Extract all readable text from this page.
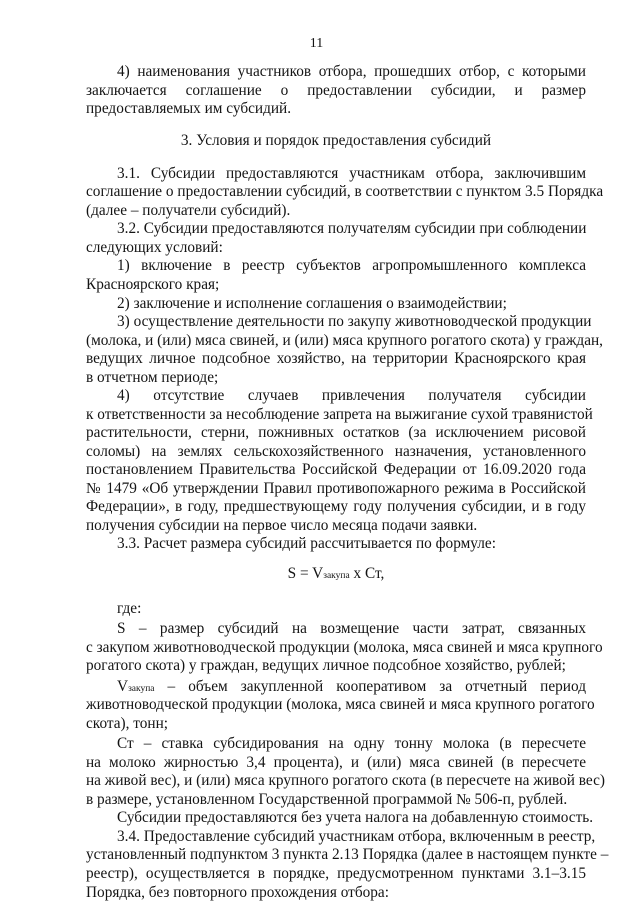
11
4) наименования участников отбора, прошедших отбор, с которыми
заключается соглашение о предоставлении субсидии, и размер
предоставляемых им субсидий.
3. Условия и порядок предоставления субсидий
3.1. Субсидии предоставляются участникам отбора, заключившим
соглашение о предоставлении субсидий, в соответствии с пунктом 3.5 Порядка
(далее – получатели субсидий).
3.2. Субсидии предоставляются получателям субсидии при соблюдении
следующих условий:
1) включение в реестр субъектов агропромышленного комплекса
Красноярского края;
2) заключение и исполнение соглашения о взаимодействии;
3) осуществление деятельности по закупу животноводческой продукции
(молока, и (или) мяса свиней, и (или) мяса крупного рогатого скота) у граждан,
ведущих личное подсобное хозяйство, на территории Красноярского края
в отчетном периоде;
4) отсутствие случаев привлечения получателя субсидии
к ответственности за несоблюдение запрета на выжигание сухой травянистой
растительности, стерни, пожнивных остатков (за исключением рисовой
соломы) на землях сельскохозяйственного назначения, установленного
постановлением Правительства Российской Федерации от 16.09.2020 года
№ 1479 «Об утверждении Правил противопожарного режима в Российской
Федерации», в году, предшествующему году получения субсидии, и в году
получения субсидии на первое число месяца подачи заявки.
3.3. Расчет размера субсидий рассчитывается по формуле:
S = Vзакупа х Ст,
где:
S – размер субсидий на возмещение части затрат, связанных
с закупом животноводческой продукции (молока, мяса свиней и мяса крупного
рогатого скота) у граждан, ведущих личное подсобное хозяйство, рублей;
Vзакупа – объем закупленной кооперативом за отчетный период
животноводческой продукции (молока, мяса свиней и мяса крупного рогатого
скота), тонн;
Ст – ставка субсидирования на одну тонну молока (в пересчете
на молоко жирностью 3,4 процента), и (или) мяса свиней (в пересчете
на живой вес), и (или) мяса крупного рогатого скота (в пересчете на живой вес)
в размере, установленном Государственной программой № 506-п, рублей.
Субсидии предоставляются без учета налога на добавленную стоимость.
3.4. Предоставление субсидий участникам отбора, включенным в реестр,
установленный подпунктом 3 пункта 2.13 Порядка (далее в настоящем пункте –
реестр), осуществляется в порядке, предусмотренном пунктами 3.1–3.15
Порядка, без повторного прохождения отбора:
